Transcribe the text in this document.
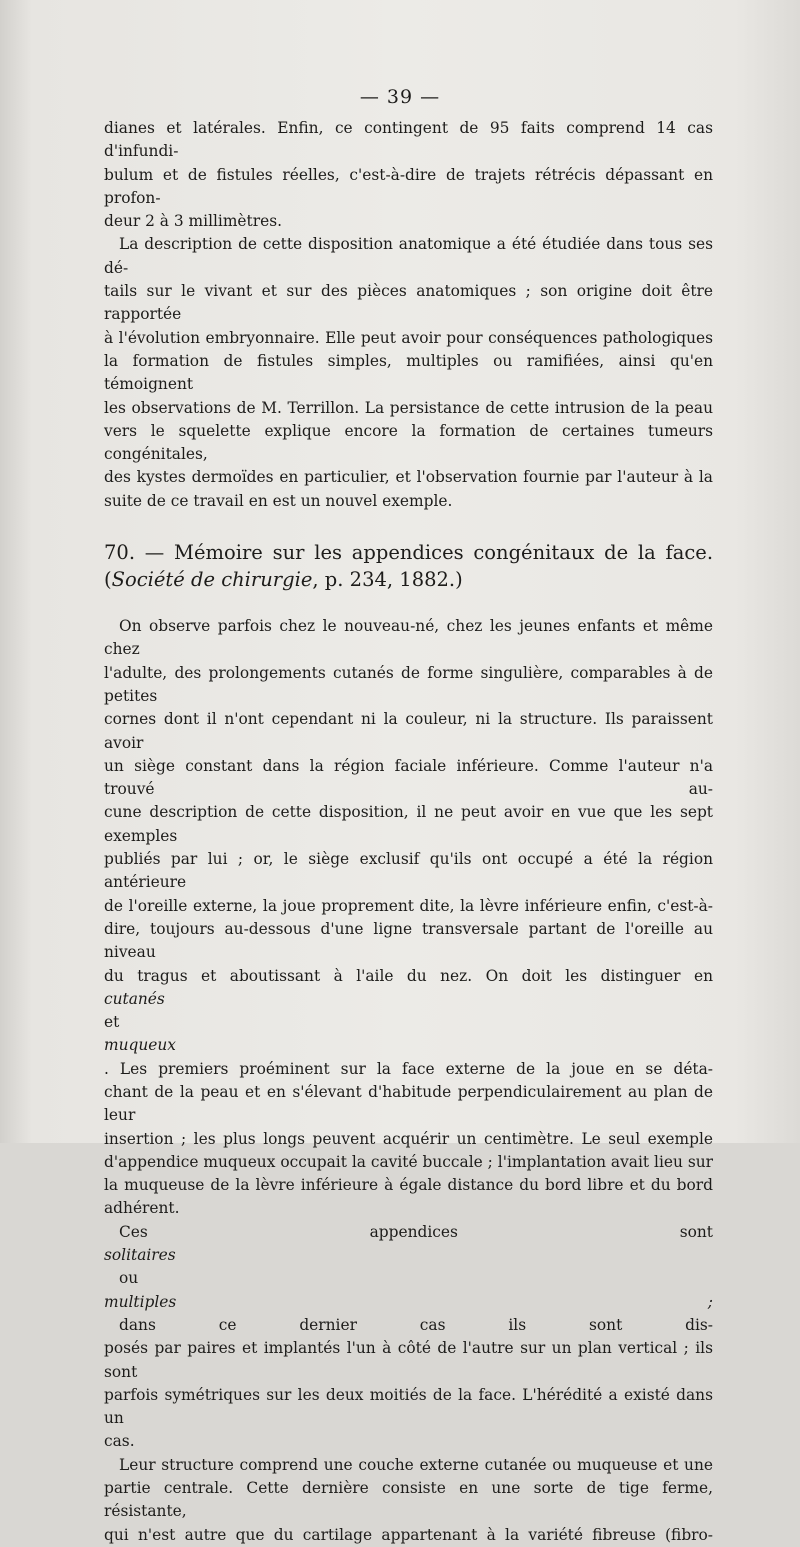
— 39 —
dianes et latérales. Enfin, ce contingent de 95 faits comprend 14 cas d'infundi-
bulum et de fistules réelles, c'est-à-dire de trajets rétrécis dépassant en profon-
deur 2 à 3 millimètres.
La description de cette disposition anatomique a été étudiée dans tous ses dé-
tails sur le vivant et sur des pièces anatomiques ; son origine doit être rapportée
à l'évolution embryonnaire. Elle peut avoir pour conséquences pathologiques
la formation de fistules simples, multiples ou ramifiées, ainsi qu'en témoignent
les observations de M. Terrillon. La persistance de cette intrusion de la peau
vers le squelette explique encore la formation de certaines tumeurs congénitales,
des kystes dermoïdes en particulier, et l'observation fournie par l'auteur à la
suite de ce travail en est un nouvel exemple.
70. — Mémoire sur les appendices congénitaux de la face. (Société de chirurgie, p. 234, 1882.)
On observe parfois chez le nouveau-né, chez les jeunes enfants et même chez
l'adulte, des prolongements cutanés de forme singulière, comparables à de petites
cornes dont il n'ont cependant ni la couleur, ni la structure. Ils paraissent avoir
un siège constant dans la région faciale inférieure. Comme l'auteur n'a trouvé au-
cune description de cette disposition, il ne peut avoir en vue que les sept exemples
publiés par lui ; or, le siège exclusif qu'ils ont occupé a été la région antérieure
de l'oreille externe, la joue proprement dite, la lèvre inférieure enfin, c'est-à-
dire, toujours au-dessous d'une ligne transversale partant de l'oreille au niveau
du tragus et aboutissant à l'aile du nez. On doit les distinguer en
cutanés
et
muqueux
. Les premiers proéminent sur la face externe de la joue en se déta-
chant de la peau et en s'élevant d'habitude perpendiculairement au plan de leur
insertion ; les plus longs peuvent acquérir un centimètre. Le seul exemple
d'appendice muqueux occupait la cavité buccale ; l'implantation avait lieu sur
la muqueuse de la lèvre inférieure à égale distance du bord libre et du bord
adhérent.
Ces appendices sont
solitaires
ou
multiples ;
dans ce dernier cas ils sont dis-
posés par paires et implantés l'un à côté de l'autre sur un plan vertical ; ils sont
parfois symétriques sur les deux moitiés de la face. L'hérédité a existé dans un
cas.
Leur structure comprend une couche externe cutanée ou muqueuse et une
partie centrale. Cette dernière consiste en une sorte de tige ferme, résistante,
qui n'est autre que du cartilage appartenant à la variété fibreuse (fibro-
